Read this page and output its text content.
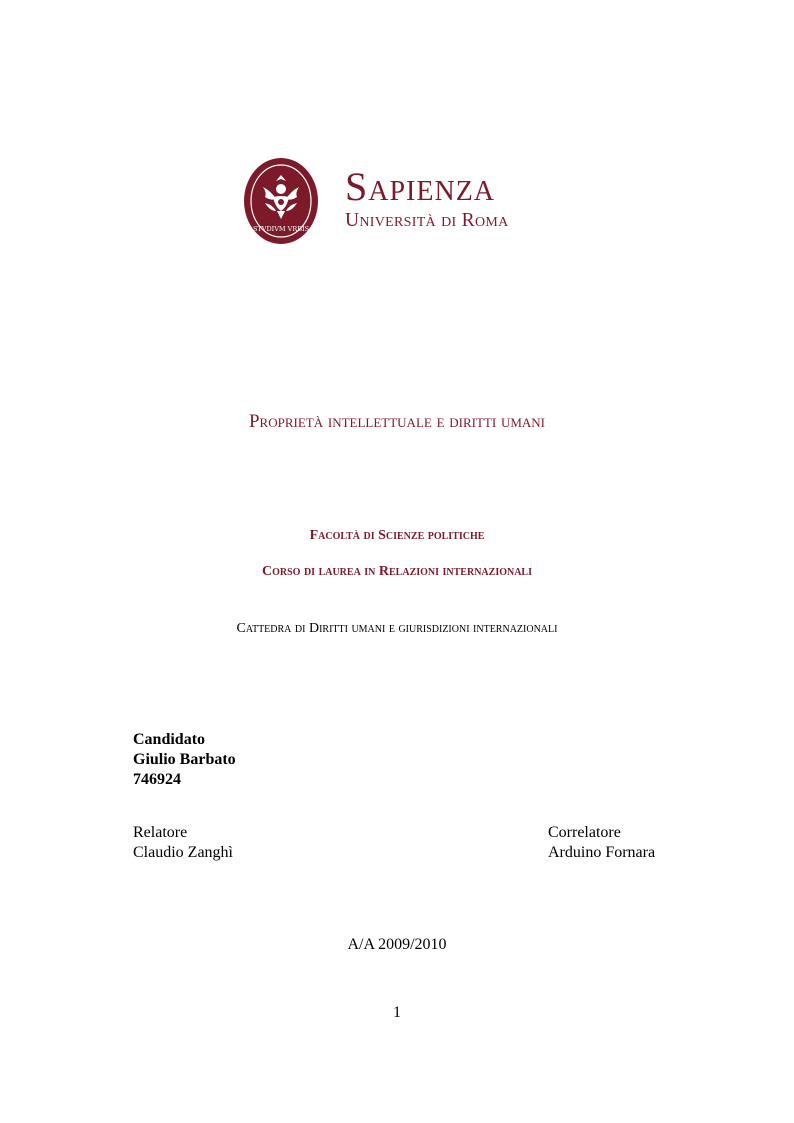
STVDIVM VRBIS
Sapienza
Università di Roma
Proprietà intellettuale e diritti umani
Facoltà di Scienze politiche
Corso di laurea in Relazioni internazionali
Cattedra di Diritti umani e giurisdizioni internazionali
Candidato
Giulio Barbato
746924
Relatore
Claudio Zanghì
Correlatore
Arduino Fornara
A/A 2009/2010
1
